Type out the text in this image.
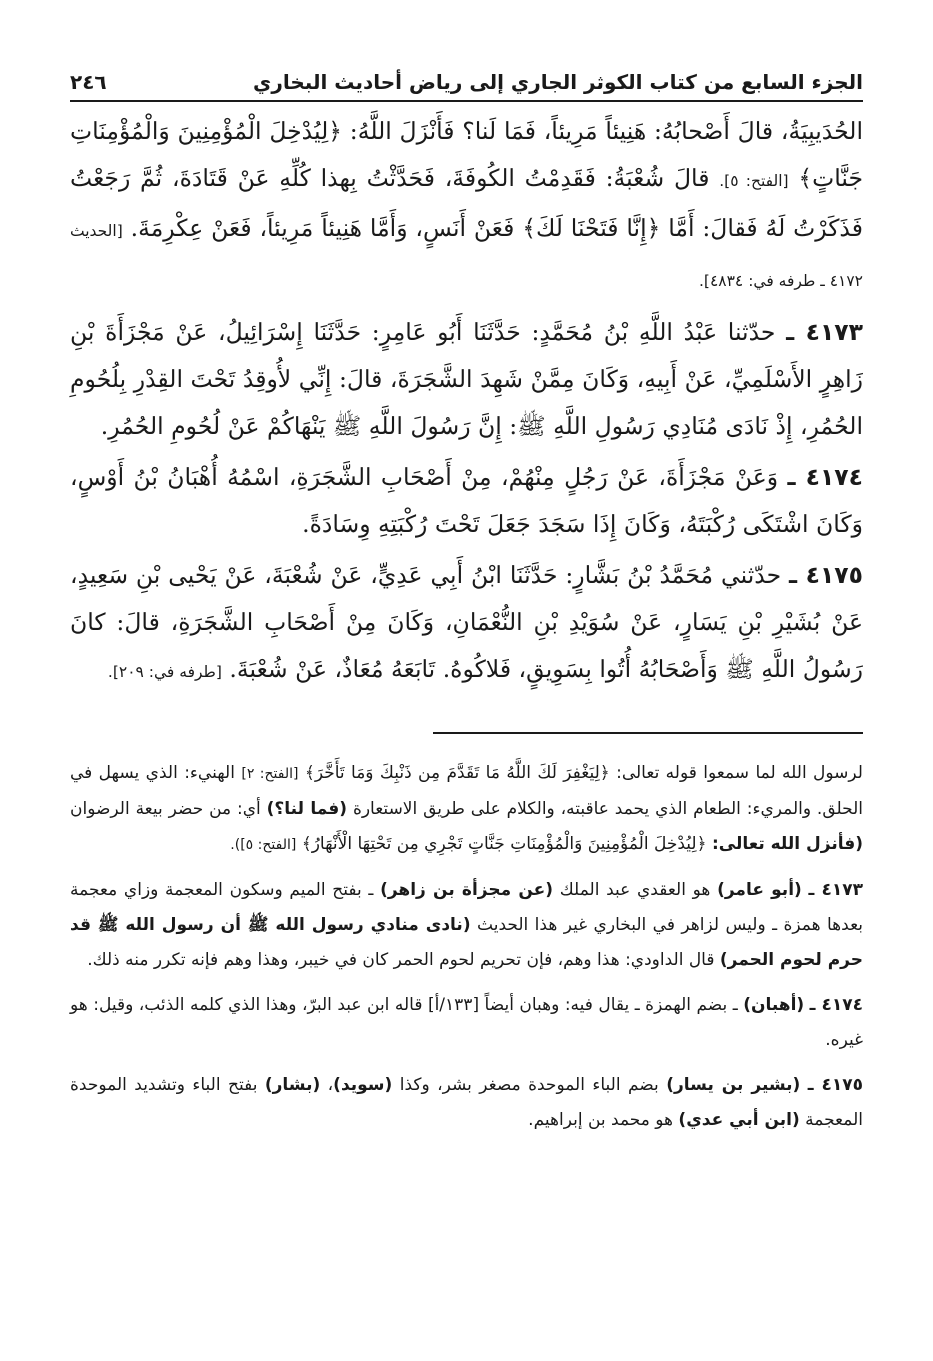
الجزء السابع من كتاب الكوثر الجاري إلى رياض أحاديث البخاري
٢٤٦

الحُدَيبِيَةُ، قالَ أَصْحابُهُ: هَنِيئاً مَرِيئاً، فَمَا لَنا؟ فَأَنْزَلَ اللَّهُ: ﴿لِيُدْخِلَ الْمُؤْمِنِينَ وَالْمُؤْمِنَاتِ جَنَّاتٍ﴾ [الفتح: ٥]. قالَ شُعْبَةُ: فَقَدِمْتُ الكُوفَةَ، فَحَدَّثْتُ بِهذا كُلِّهِ عَنْ قَتَادَةَ، ثُمَّ رَجَعْتُ فَذَكَرْتُ لَهُ فَقالَ: أَمَّا ﴿إِنَّا فَتَحْنَا لَكَ﴾ فَعَنْ أَنَسٍ، وَأَمَّا هَنِيئاً مَرِيئاً، فَعَنْ عِكْرِمَةَ. [الحديث ٤١٧٢ ـ طرفه في: ٤٨٣٤].

٤١٧٣ ـ حدّثنا عَبْدُ اللَّهِ بْنُ مُحَمَّدٍ: حَدَّثَنَا أَبُو عَامِرٍ: حَدَّثَنَا إِسْرَائِيلُ، عَنْ مَجْزَأَةَ بْنِ زَاهِرٍ الأَسْلَمِيِّ، عَنْ أَبِيهِ، وَكَانَ مِمَّنْ شَهِدَ الشَّجَرَةَ، قالَ: إِنِّي لأُوقِدُ تَحْتَ القِدْرِ بِلُحُومِ الحُمُرِ، إِذْ نَادَى مُنَادِي رَسُولِ اللَّهِ ﷺ: إِنَّ رَسُولَ اللَّهِ ﷺ يَنْهَاكُمْ عَنْ لُحُومِ الحُمُرِ.

٤١٧٤ ـ وَعَنْ مَجْزَأَةَ، عَنْ رَجُلٍ مِنْهُمْ، مِنْ أَصْحَابِ الشَّجَرَةِ، اسْمُهُ أُهْبَانُ بْنُ أَوْسٍ، وَكَانَ اشْتَكَى رُكْبَتَهُ، وَكَانَ إِذَا سَجَدَ جَعَلَ تَحْتَ رُكْبَتِهِ وِسَادَةً.

٤١٧٥ ـ حدّثني مُحَمَّدُ بْنُ بَشَّارٍ: حَدَّثَنَا ابْنُ أَبِي عَدِيٍّ، عَنْ شُعْبَةَ، عَنْ يَحْيى بْنِ سَعِيدٍ، عَنْ بُشَيْرِ بْنِ يَسَارٍ، عَنْ سُوَيْدِ بْنِ النُّعْمَانِ، وَكَانَ مِنْ أَصْحَابِ الشَّجَرَةِ، قالَ: كانَ رَسُولُ اللَّهِ ﷺ وَأَصْحَابُهُ أُتُوا بِسَوِيقٍ، فَلاكُوهُ. تَابَعَهُ مُعَاذٌ، عَنْ شُعْبَةَ. [طرفه في: ٢٠٩].

لرسول الله لما سمعوا قوله تعالى: ﴿لِيَغْفِرَ لَكَ اللَّهُ مَا تَقَدَّمَ مِن ذَنْبِكَ وَمَا تَأَخَّرَ﴾ [الفتح: ٢] الهنيء: الذي يسهل في الحلق. والمريء: الطعام الذي يحمد عاقبته، والكلام على طريق الاستعارة (فما لنا؟) أي: من حضر بيعة الرضوان (فأنزل الله تعالى: ﴿لِيُدْخِلَ الْمُؤْمِنِينَ وَالْمُؤْمِنَاتِ جَنَّاتٍ تَجْرِي مِن تَحْتِهَا الْأَنْهَارُ﴾ [الفتح: ٥]).

٤١٧٣ ـ (أبو عامر) هو العقدي عبد الملك (عن مجزأة بن زاهر) ـ بفتح الميم وسكون المعجمة وزاي معجمة بعدها همزة ـ وليس لزاهر في البخاري غير هذا الحديث (نادى منادي رسول الله ﷺ أن رسول الله ﷺ قد حرم لحوم الحمر) قال الداودي: هذا وهم، فإن تحريم لحوم الحمر كان في خيبر، وهذا وهم فإنه تكرر منه ذلك.

٤١٧٤ ـ (أهبان) ـ بضم الهمزة ـ يقال فيه: وهبان أيضاً [١٣٣/أ] قاله ابن عبد البرّ، وهذا الذي كلمه الذئب، وقيل: هو غيره.

٤١٧٥ ـ (بشير بن يسار) بضم الباء الموحدة مصغر بشر، وكذا (سويد)، (بشار) بفتح الباء وتشديد الموحدة المعجمة (ابن أبي عدي) هو محمد بن إبراهيم.
